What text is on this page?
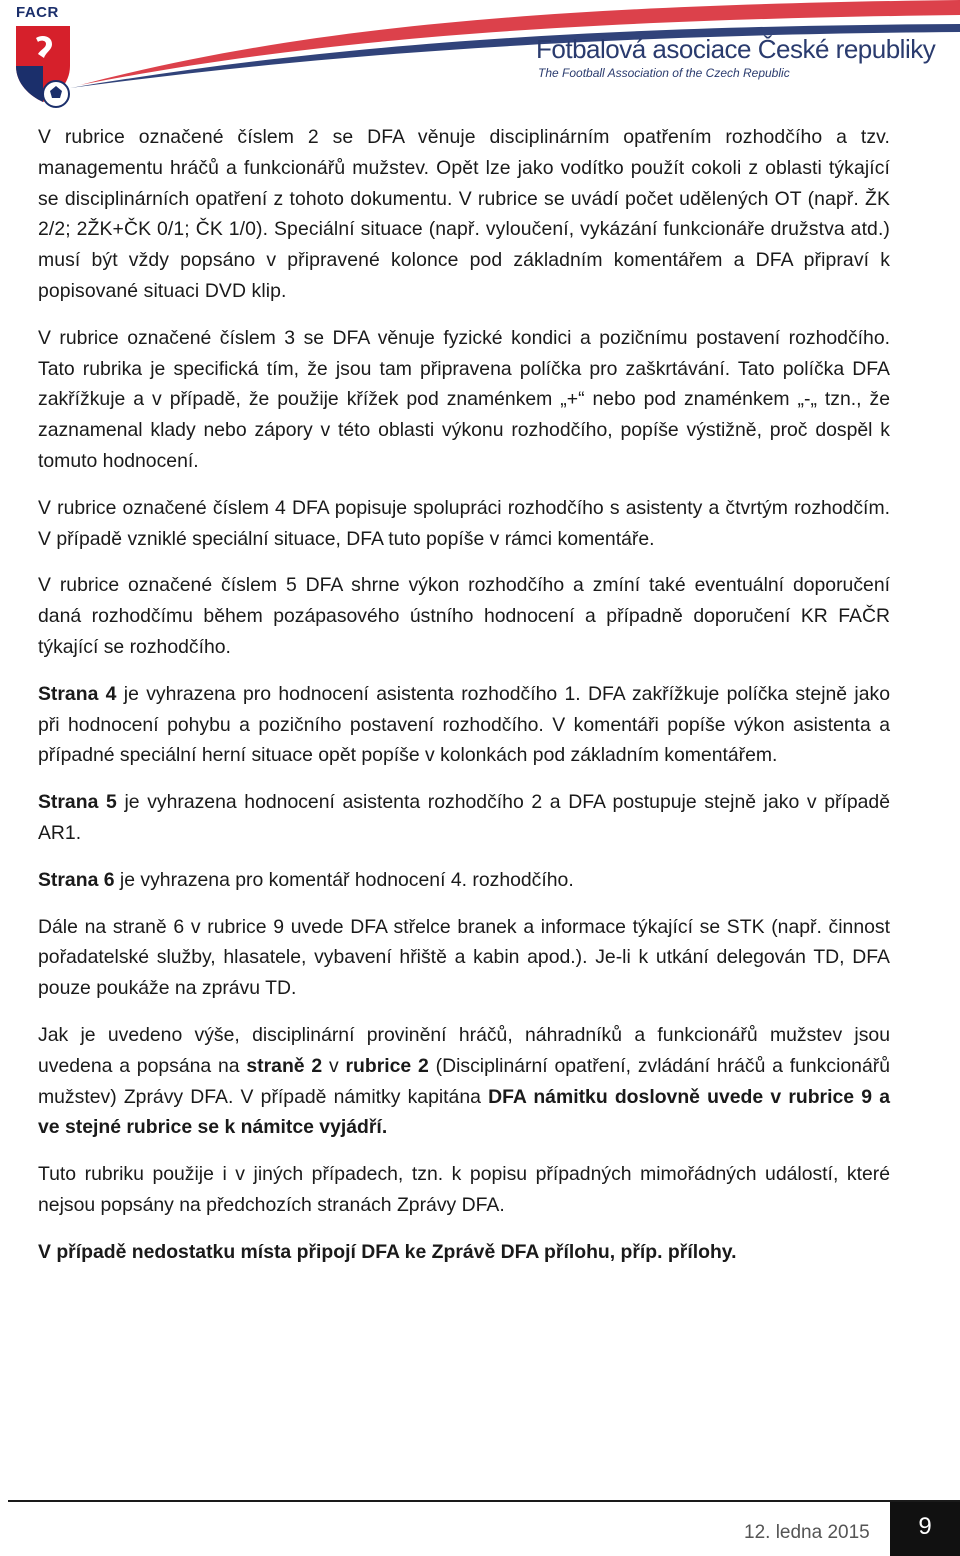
FACR
Fotbalová asociace České republiky
The Football Association of the Czech Republic

V rubrice označené číslem 2 se DFA věnuje disciplinárním opatřením rozhodčího a tzv. managementu hráčů a funkcionářů mužstev. Opět lze jako vodítko použít cokoli z oblasti týkající se disciplinárních opatření z tohoto dokumentu. V rubrice se uvádí počet udělených OT (např. ŽK 2/2; 2ŽK+ČK 0/1; ČK 1/0). Speciální situace (např. vyloučení, vykázání funkcionáře družstva atd.) musí být vždy popsáno v připravené kolonce pod základním komentářem a DFA připraví k popisované situaci DVD klip.

V rubrice označené číslem 3 se DFA věnuje fyzické kondici a pozičnímu postavení rozhodčího. Tato rubrika je specifická tím, že jsou tam připravena políčka pro zaškrtávání. Tato políčka DFA zakřížkuje a v případě, že použije křížek pod znaménkem „+“ nebo pod znaménkem „-„ tzn., že zaznamenal klady nebo zápory v této oblasti výkonu rozhodčího, popíše výstižně, proč dospěl k tomuto hodnocení.

V rubrice označené číslem 4 DFA popisuje spolupráci rozhodčího s asistenty a čtvrtým rozhodčím. V případě vzniklé speciální situace, DFA tuto popíše v rámci komentáře.

V rubrice označené číslem 5 DFA shrne výkon rozhodčího a zmíní také eventuální doporučení daná rozhodčímu během pozápasového ústního hodnocení a případně doporučení KR FAČR týkající se rozhodčího.

Strana 4 je vyhrazena pro hodnocení asistenta rozhodčího 1. DFA zakřížkuje políčka stejně jako při hodnocení pohybu a pozičního postavení rozhodčího. V komentáři popíše výkon asistenta a případné speciální herní situace opět popíše v kolonkách pod základním komentářem.

Strana 5 je vyhrazena hodnocení asistenta rozhodčího 2 a DFA postupuje stejně jako v případě AR1.

Strana 6 je vyhrazena pro komentář hodnocení 4. rozhodčího.

Dále na straně 6 v rubrice 9 uvede DFA střelce branek a informace týkající se STK (např. činnost pořadatelské služby, hlasatele, vybavení hřiště a kabin apod.). Je-li k utkání delegován TD, DFA pouze poukáže na zprávu TD.

Jak je uvedeno výše, disciplinární provinění hráčů, náhradníků a funkcionářů mužstev jsou uvedena a popsána na straně 2 v rubrice 2 (Disciplinární opatření, zvládání hráčů a funkcionářů mužstev) Zprávy DFA. V případě námitky kapitána DFA námitku doslovně uvede v rubrice 9 a ve stejné rubrice se k námitce vyjádří.

Tuto rubriku použije i v jiných případech, tzn. k popisu případných mimořádných událostí, které nejsou popsány na předchozích stranách Zprávy DFA.

V případě nedostatku místa připojí DFA ke Zprávě DFA přílohu, příp. přílohy.

12. ledna 2015	9
